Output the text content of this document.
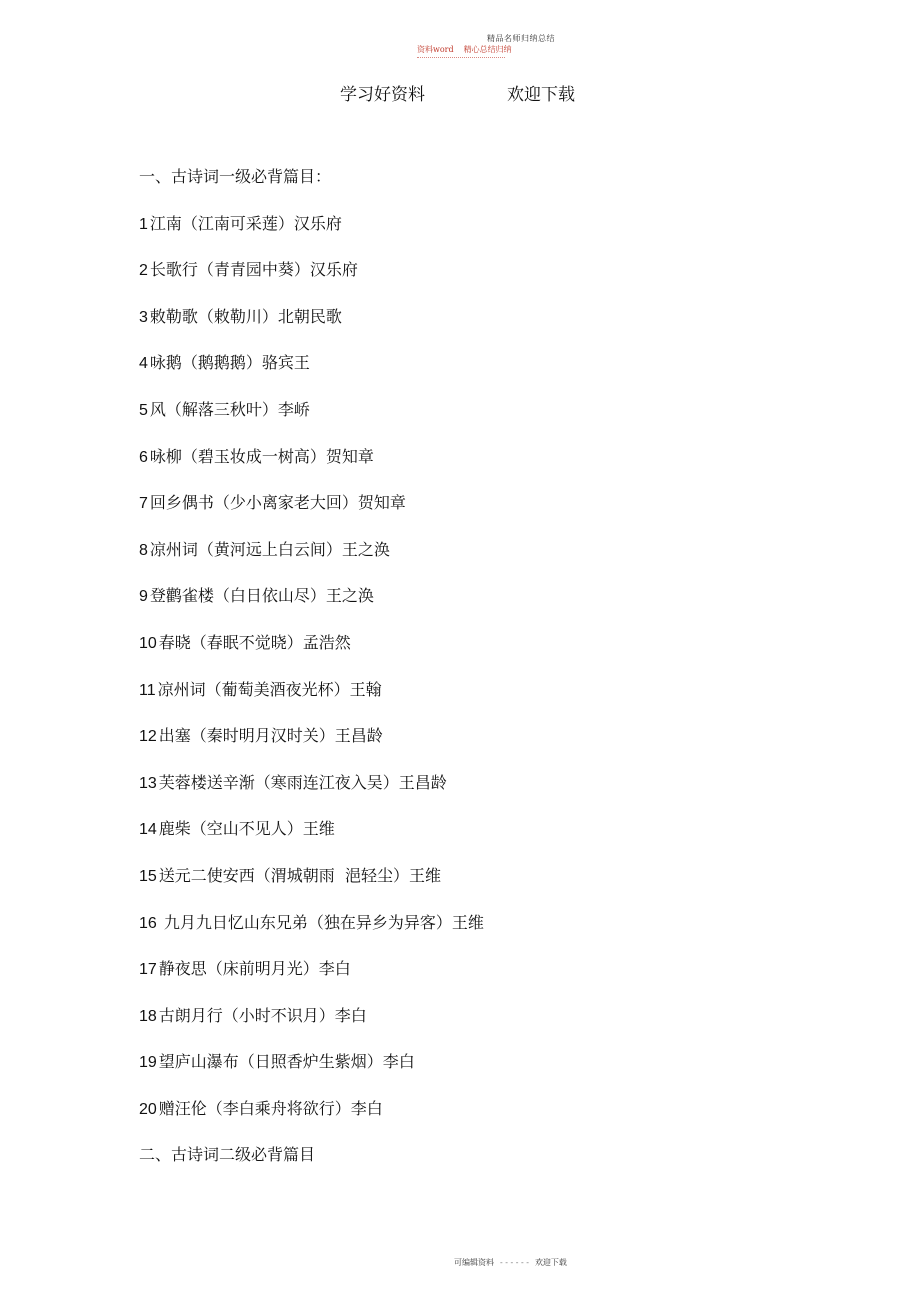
精品名师归纳总结
资料word 精心总结归纳
学习好资料	欢迎下载
一、古诗词一级必背篇目：
1 江南（江南可采莲）汉乐府
2 长歌行（青青园中葵）汉乐府
3 敕勒歌（敕勒川）北朝民歌
4 咏鹅（鹅鹅鹅）骆宾王
5 风（解落三秋叶）李峤
6 咏柳（碧玉妆成一树高）贺知章
7 回乡偶书（少小离家老大回）贺知章
8 凉州词（黄河远上白云间）王之涣
9 登鹳雀楼（白日依山尽）王之涣
10 春晓（春眠不觉晓）孟浩然
11 凉州词（葡萄美酒夜光杯）王翰
12 出塞（秦时明月汉时关）王昌龄
13 芙蓉楼送辛渐（寒雨连江夜入吴）王昌龄
14 鹿柴（空山不见人）王维
15 送元二使安西（渭城朝雨  浥轻尘）王维
16 九月九日忆山东兄弟（独在异乡为异客）王维
17 静夜思（床前明月光）李白
18 古朗月行（小时不识月）李白
19 望庐山瀑布（日照香炉生紫烟）李白
20 赠汪伦（李白乘舟将欲行）李白
二、古诗词二级必背篇目
可编辑资料 - - - - - - 欢迎下载
